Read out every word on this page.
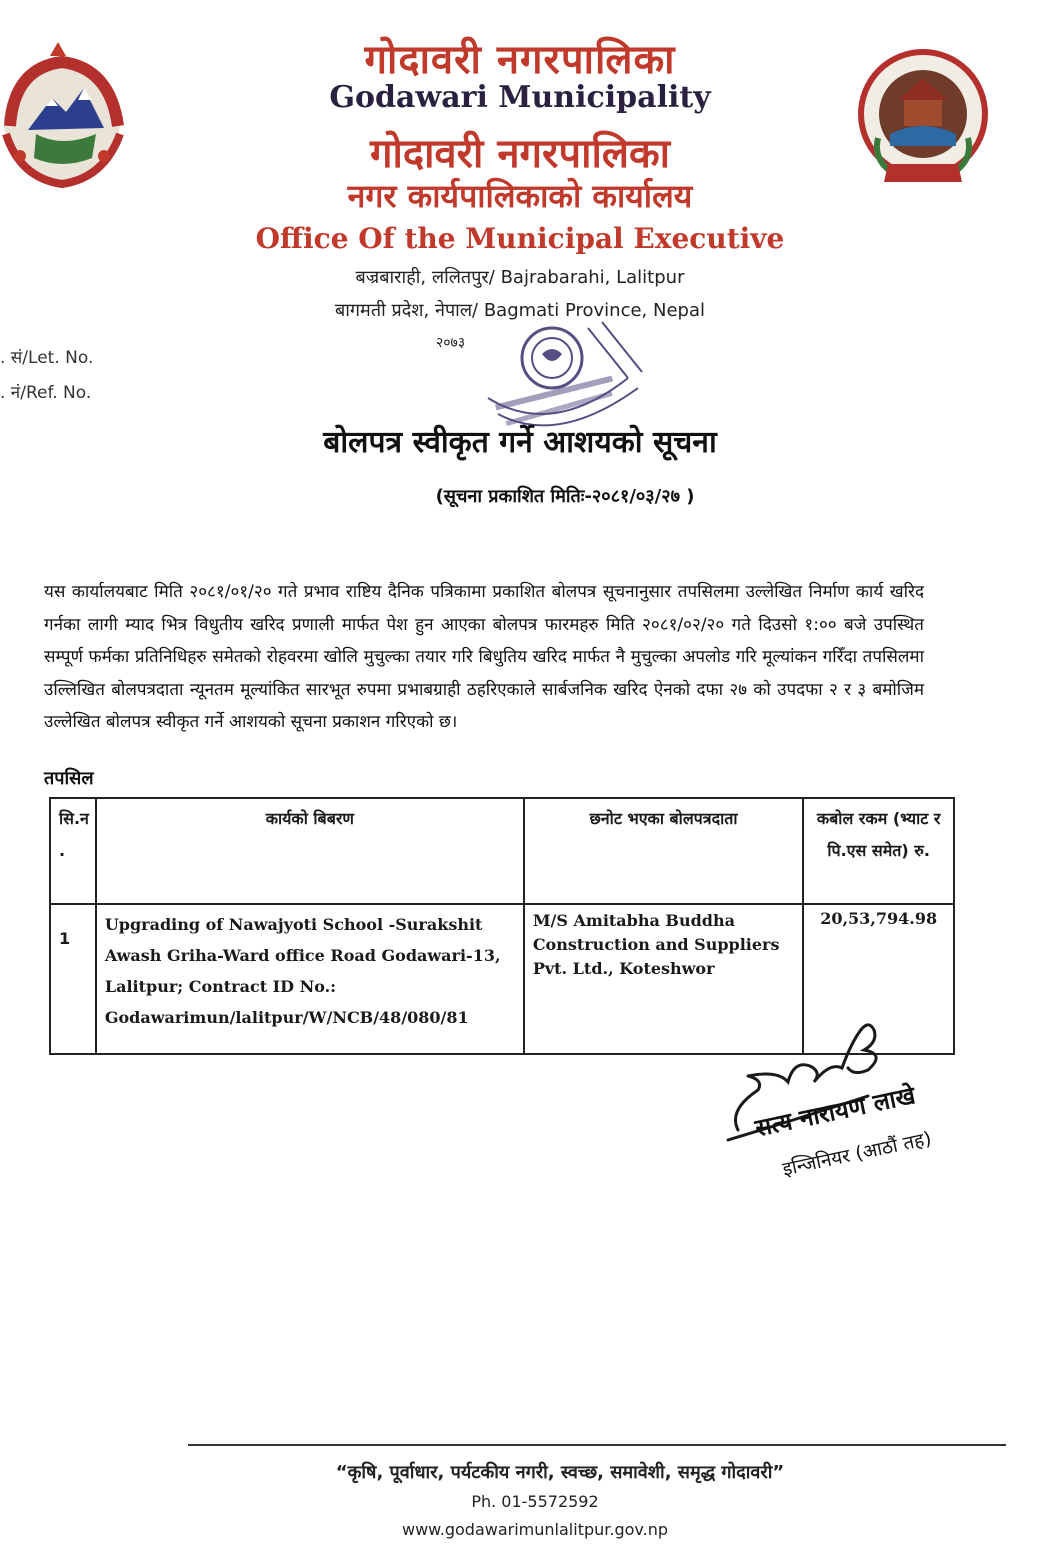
गोदावरी नगरपालिका
Godawari Municipality
गोदावरी नगरपालिका
नगर कार्यपालिकाको कार्यालय
Office Of the Municipal Executive
बज्रबाराही, ललितपुर/ Bajrabarahi, Lalitpur
बागमती प्रदेश, नेपाल/ Bagmati Province, Nepal
२०७३
. सं/Let. No.
. नं/Ref. No.
बोलपत्र स्वीकृत गर्ने आशयको सूचना
(सूचना प्रकाशित मितिः-२०८१/०३/२७ )
यस कार्यालयबाट मिति २०८१/०१/२० गते प्रभाव राष्टिय दैनिक पत्रिकामा प्रकाशित बोलपत्र सूचनानुसार तपसिलमा उल्लेखित निर्माण कार्य खरिद गर्नका लागी म्याद भित्र विधुतीय खरिद प्रणाली मार्फत पेश हुन आएका बोलपत्र फारमहरु मिति २०८१/०२/२० गते दिउसो १:०० बजे उपस्थित सम्पूर्ण फर्मका प्रतिनिधिहरु समेतको रोहवरमा खोलि मुचुल्का तयार गरि बिधुतिय खरिद मार्फत नै मुचुल्का अपलोड गरि मूल्यांकन गरिँदा तपसिलमा उल्लिखित बोलपत्रदाता न्यूनतम मूल्यांकित सारभूत रुपमा प्रभाबग्राही ठहरिएकाले सार्बजनिक खरिद ऐनको दफा २७ को उपदफा २ र ३ बमोजिम उल्लेखित बोलपत्र स्वीकृत गर्ने आशयको सूचना प्रकाशन गरिएको छ।
तपसिल
सि.न .	कार्यको बिबरण	छनोट भएका बोलपत्रदाता	कबोल रकम (भ्याट र पि.एस समेत) रु.
1	Upgrading of Nawajyoti School -Surakshit Awash Griha-Ward office Road Godawari-13, Lalitpur; Contract ID No.: Godawarimun/lalitpur/W/NCB/48/080/81	M/S Amitabha Buddha Construction and Suppliers Pvt. Ltd., Koteshwor	20,53,794.98
सत्य नारायण लाखे
इन्जिनियर (आठौं तह)
“कृषि, पूर्वाधार, पर्यटकीय नगरी, स्वच्छ, समावेशी, समृद्ध गोदावरी”
Ph. 01-5572592
www.godawarimunlalitpur.gov.np
